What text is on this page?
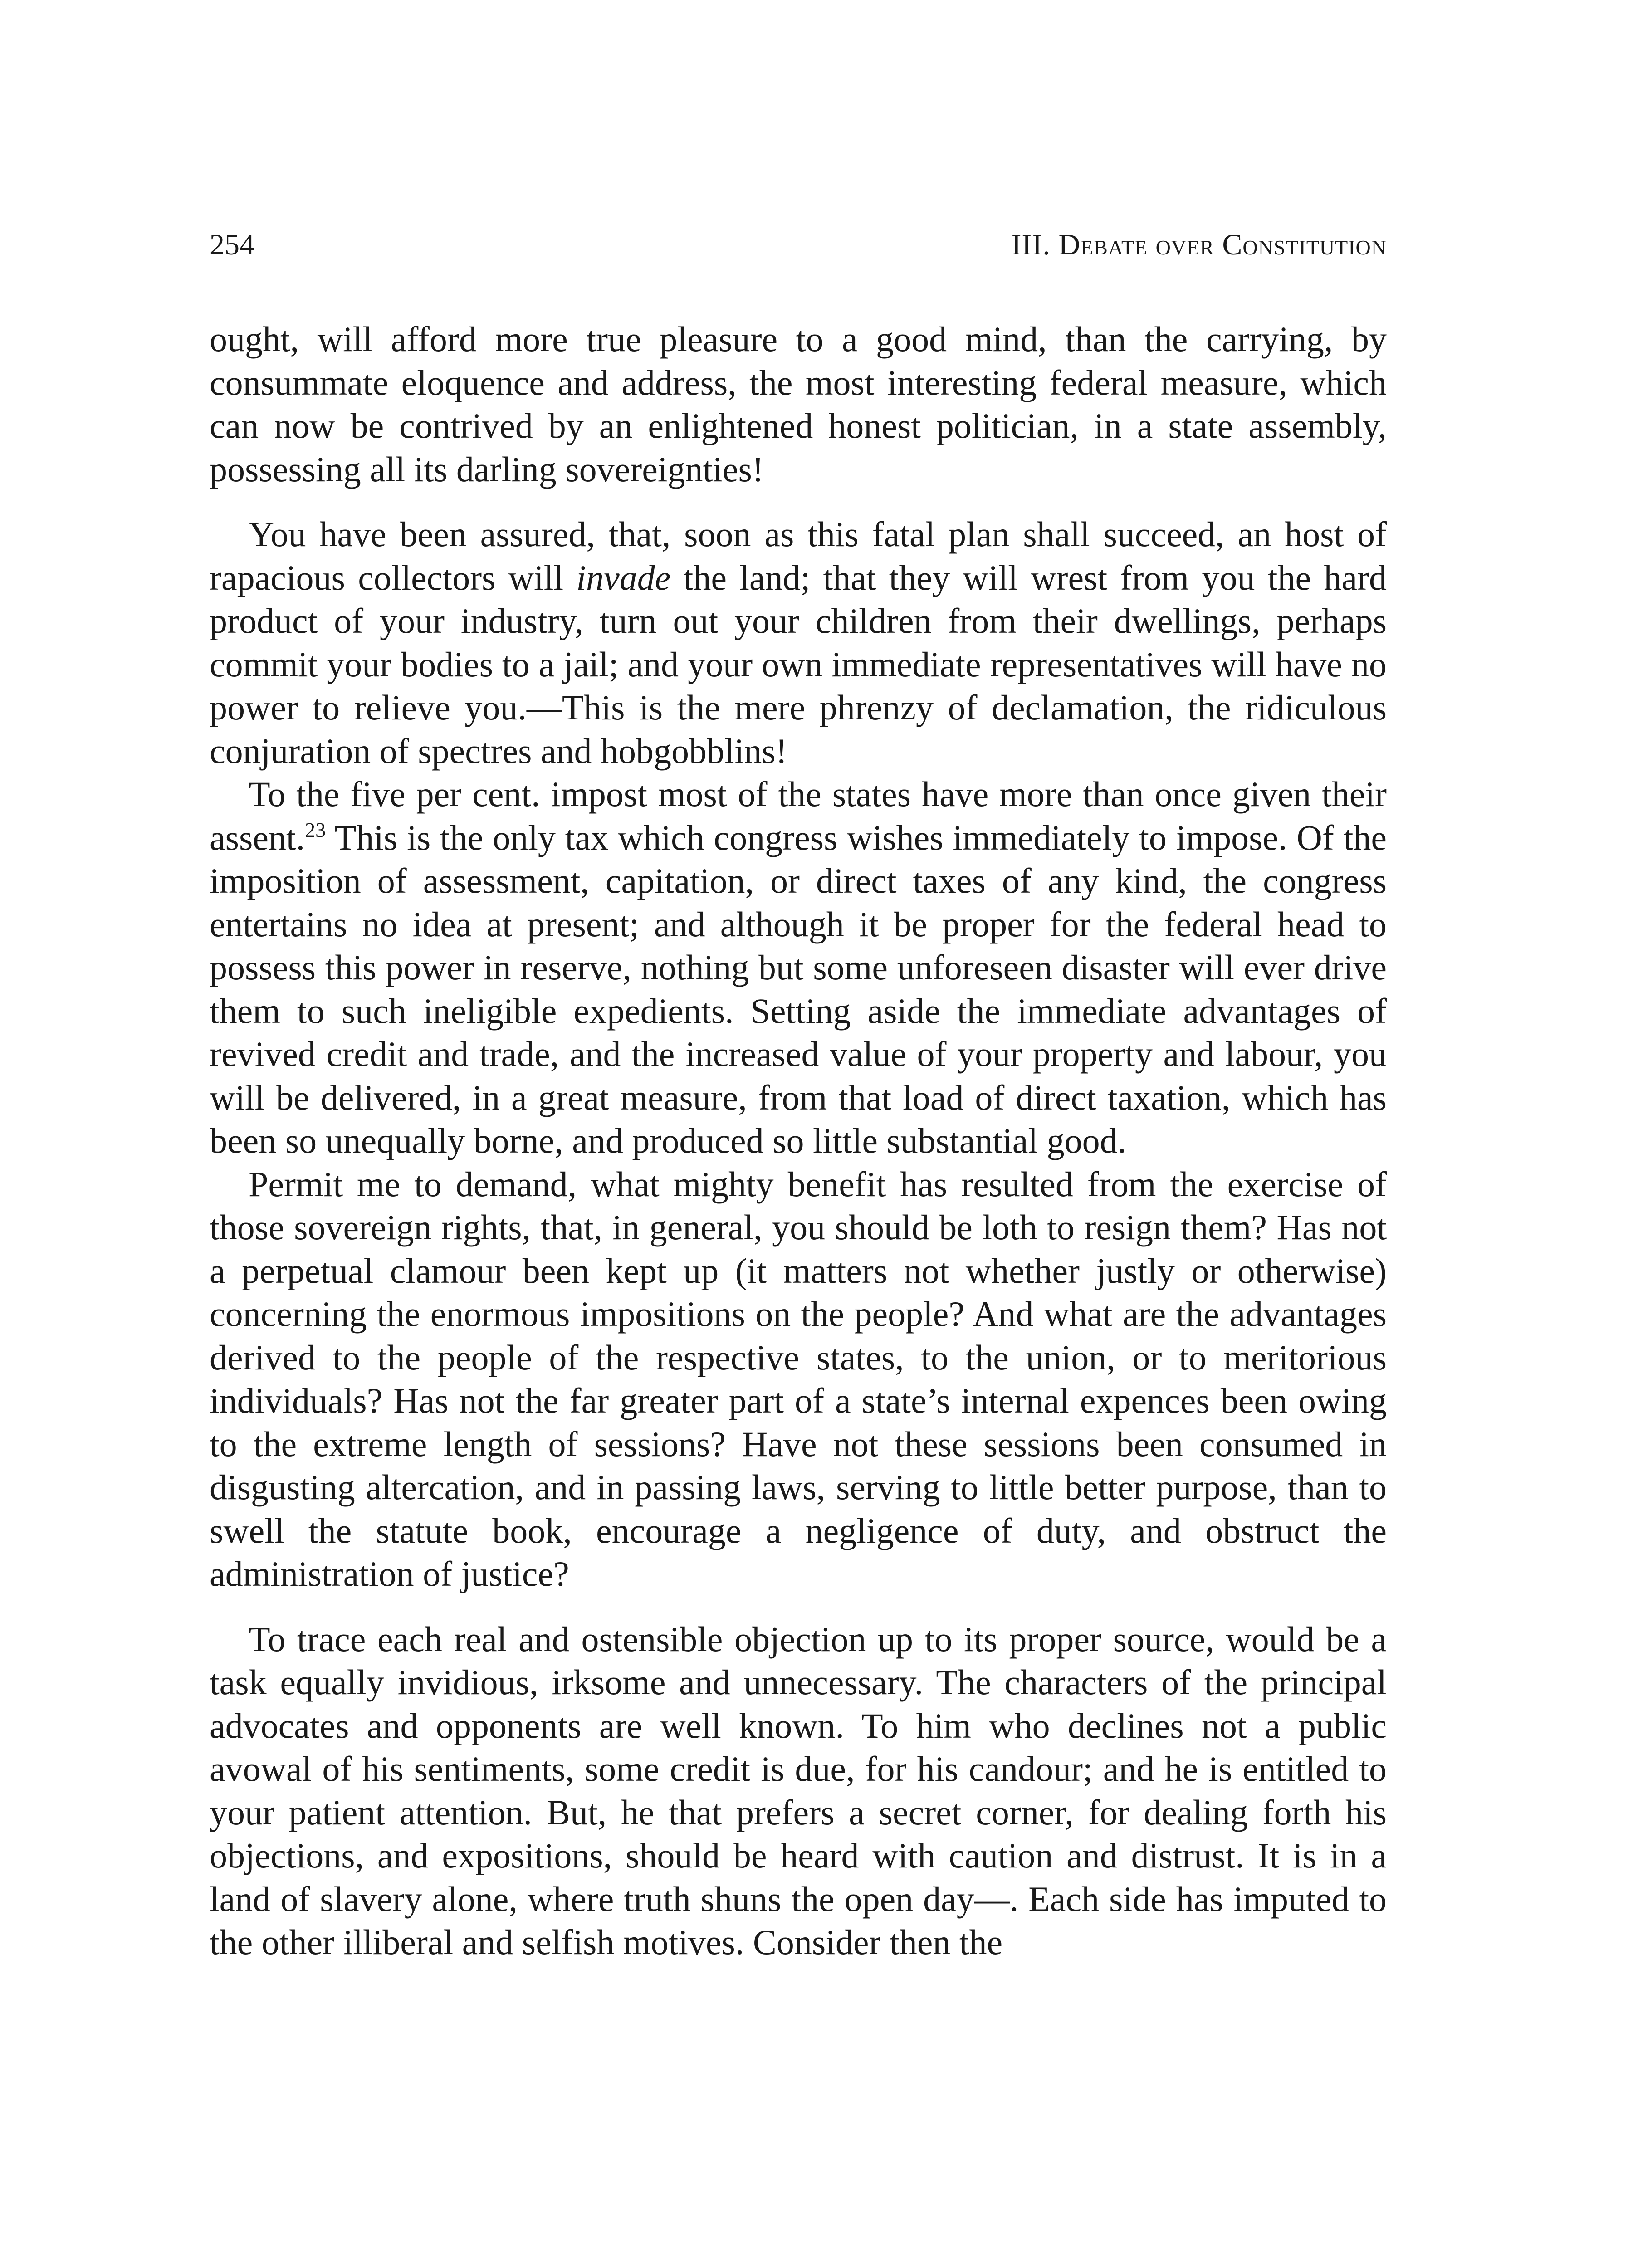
254	III. Debate over Constitution

ought, will afford more true pleasure to a good mind, than the carrying, by consummate eloquence and address, the most interesting federal measure, which can now be contrived by an enlightened honest politician, in a state assembly, possessing all its darling sovereignties!

You have been assured, that, soon as this fatal plan shall succeed, an host of rapacious collectors will invade the land; that they will wrest from you the hard product of your industry, turn out your children from their dwellings, perhaps commit your bodies to a jail; and your own immediate representatives will have no power to relieve you.—This is the mere phrenzy of declamation, the ridiculous conjuration of spectres and hobgobblins!

To the five per cent. impost most of the states have more than once given their assent.$^{23}$ This is the only tax which congress wishes immediately to impose. Of the imposition of assessment, capitation, or direct taxes of any kind, the congress entertains no idea at present; and although it be proper for the federal head to possess this power in reserve, nothing but some unforeseen disaster will ever drive them to such ineligible expedients. Setting aside the immediate advantages of revived credit and trade, and the increased value of your property and labour, you will be delivered, in a great measure, from that load of direct taxation, which has been so unequally borne, and produced so little substantial good.

Permit me to demand, what mighty benefit has resulted from the exercise of those sovereign rights, that, in general, you should be loth to resign them? Has not a perpetual clamour been kept up (it matters not whether justly or otherwise) concerning the enormous impositions on the people? And what are the advantages derived to the people of the respective states, to the union, or to meritorious individuals? Has not the far greater part of a state’s internal expences been owing to the extreme length of sessions? Have not these sessions been consumed in disgusting altercation, and in passing laws, serving to little better purpose, than to swell the statute book, encourage a negligence of duty, and obstruct the administration of justice?

To trace each real and ostensible objection up to its proper source, would be a task equally invidious, irksome and unnecessary. The characters of the principal advocates and opponents are well known. To him who declines not a public avowal of his sentiments, some credit is due, for his candour; and he is entitled to your patient attention. But, he that prefers a secret corner, for dealing forth his objections, and expositions, should be heard with caution and distrust. It is in a land of slavery alone, where truth shuns the open day—. Each side has imputed to the other illiberal and selfish motives. Consider then the
